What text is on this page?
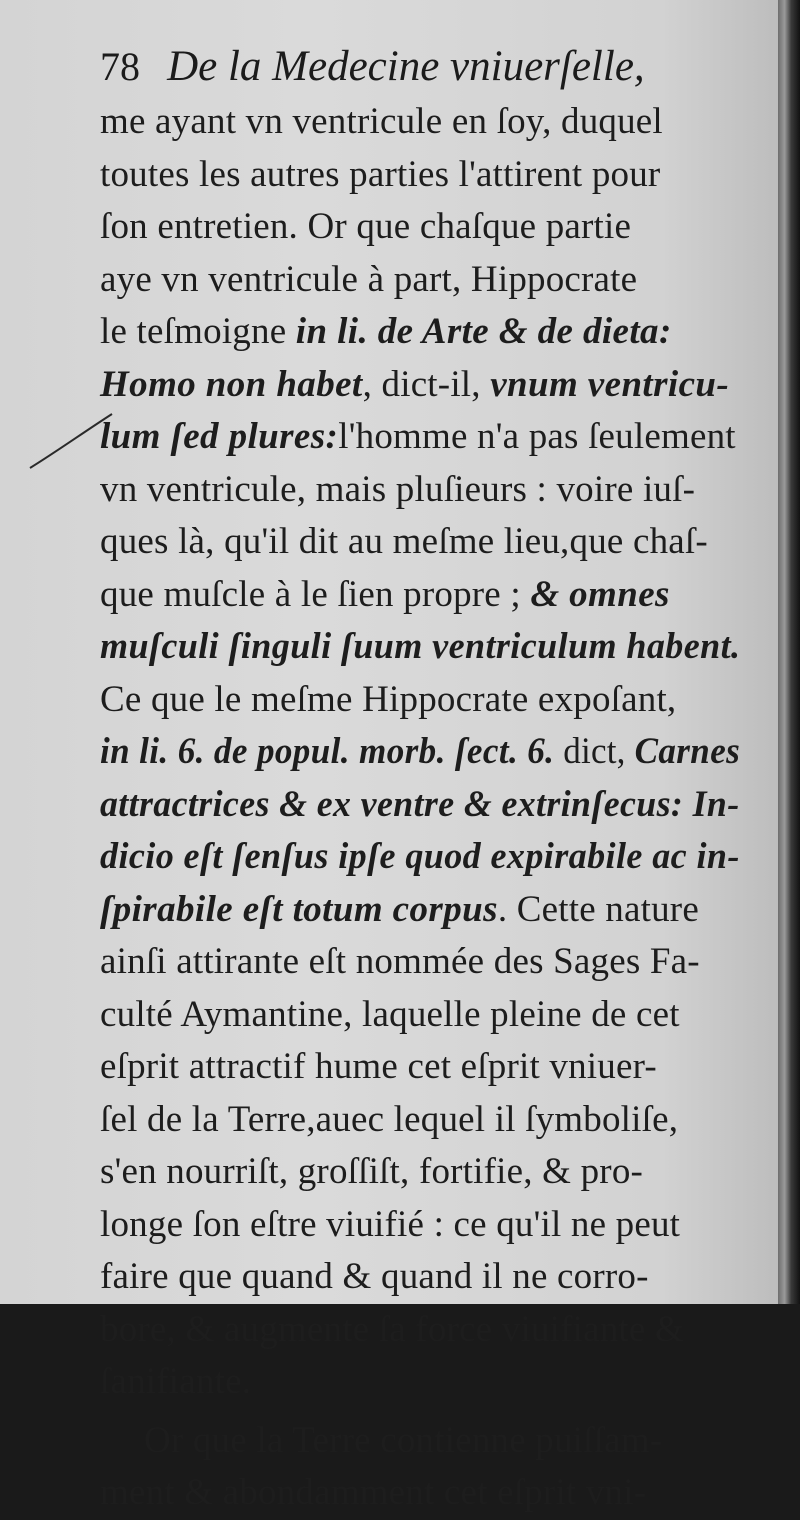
78 De la Medecine vniuerſelle,
me ayant vn ventricule en ſoy, duquel
toutes les autres parties l'attirent pour
ſon entretien. Or que chaſque partie
aye vn ventricule à part, Hippocrate
le teſmoigne in li. de Arte & de dieta:
Homo non habet, dict-il, vnum ventricu-
lum ſed plures:l'homme n'a pas ſeulement
vn ventricule, mais pluſieurs : voire iuſ-
ques là, qu'il dit au meſme lieu,que chaſ-
que muſcle à le ſien propre ; & omnes
muſculi ſinguli ſuum ventriculum habent.
Ce que le meſme Hippocrate expoſant,
in li. 6. de popul. morb. ſect. 6. dict, Carnes
attractrices & ex ventre & extrinſecus: In-
dicio eſt ſenſus ipſe quod expirabile ac in-
ſpirabile eſt totum corpus. Cette nature
ainſi attirante eſt nommée des Sages Fa-
culté Aymantine, laquelle pleine de cet
eſprit attractif hume cet eſprit vniuer-
ſel de la Terre,auec lequel il ſymboliſe,
s'en nourriſt, groſſiſt, fortifie, & pro-
longe ſon eſtre viuifié : ce qu'il ne peut
faire que quand & quand il ne corro-
bore, & augmente ſa force viuifiante &
ſanifiante.
Or que la Terre contienne puiſſam-
ment & abondamment cet eſprit vni-
